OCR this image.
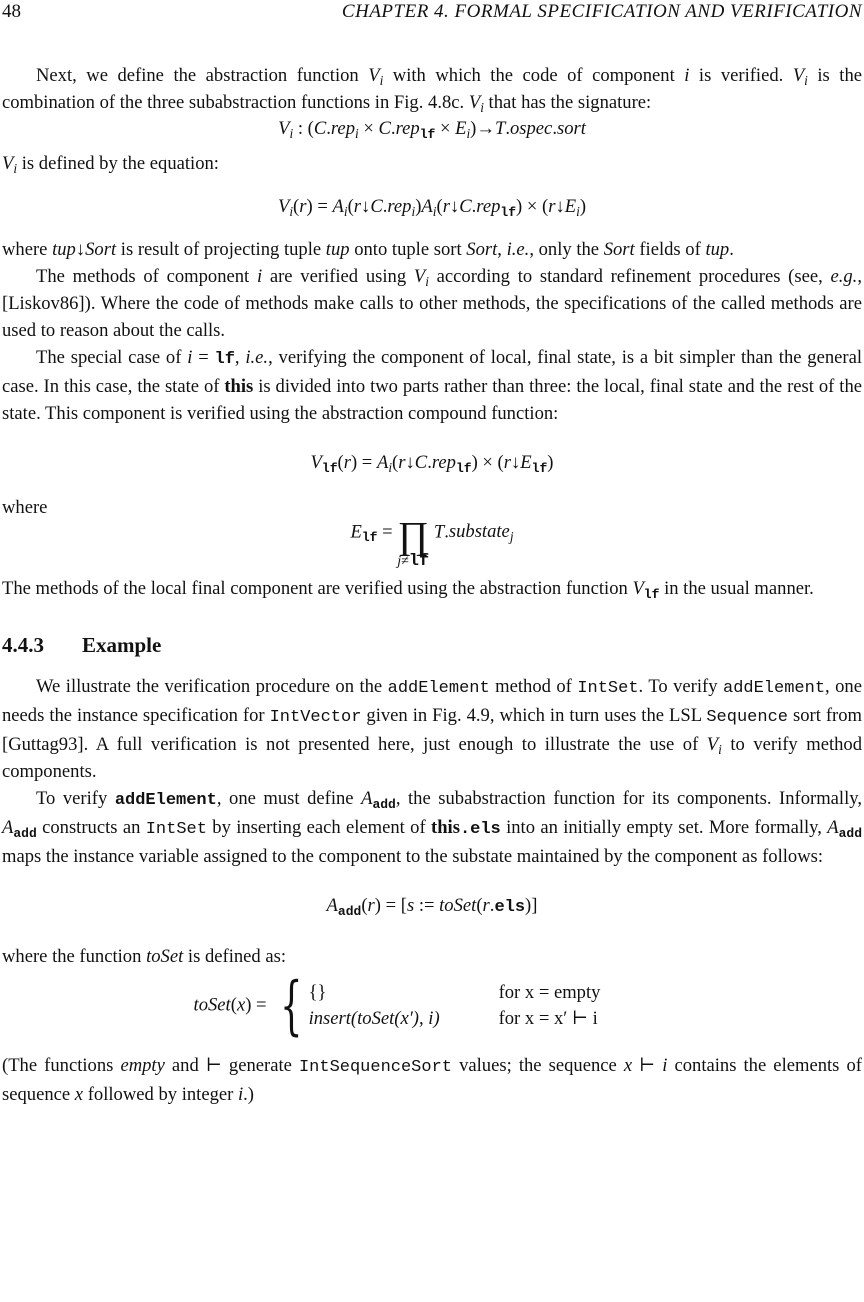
48	CHAPTER 4. FORMAL SPECIFICATION AND VERIFICATION

Next, we define the abstraction function $V_i$ with which the code of component i is verified. $V_i$ is the combination of the three subabstraction functions in Fig. 4.8c. $V_i$ that has the signature:

$V_i$ : $(C.rep_i \times C.rep_{lf} \times E_i)\to T.ospec.sort$

$V_i$ is defined by the equation:

$V_i(r)$ = $A_i(r↓C.rep_i)A_i(r↓C.rep_{lf})$ × $(r↓E_i)$

where tup↓Sort is result of projecting tuple tup onto tuple sort Sort, i.e., only the Sort fields of tup.

The methods of component i are verified using $V_i$ according to standard refinement procedures (see, e.g., [Liskov86]). Where the code of methods make calls to other methods, the specifications of the called methods are used to reason about the calls.

The special case of i = lf, i.e., verifying the component of local, final state, is a bit simpler than the general case. In this case, the state of this is divided into two parts rather than three: the local, final state and the rest of the state. This component is verified using the abstraction compound function:

$V_{lf}(r)$ = $A_i(r↓C.rep_{lf})$ × $(r↓E_{lf})$

where

$E_{lf}$ = ∏
j≠lf
T.substate$_j$

The methods of the local final component are verified using the abstraction function $V_{lf}$ in the usual manner.

4.4.3 Example

We illustrate the verification procedure on the addElement method of IntSet. To verify addElement, one needs the instance specification for IntVector given in Fig. 4.9, which in turn uses the LSL Sequence sort from [Guttag93]. A full verification is not presented here, just enough to illustrate the use of $V_i$ to verify method components.

To verify addElement, one must define $A_{add}$, the subabstraction function for its components. Informally, $A_{add}$ constructs an IntSet by inserting each element of this.els into an initially empty set. More formally, $A_{add}$ maps the instance variable assigned to the component to the substate maintained by the component as follows:

$A_{add}(r) = [s$ := toSet(r.els)]

where the function toSet is defined as:

toSet(x) = { {}	for x = empty
insert(toSet(x′), i)	for x = x′ ⊢ i

(The functions empty and ⊢ generate IntSequenceSort values; the sequence x ⊢ i contains the elements of sequence x followed by integer i.)
